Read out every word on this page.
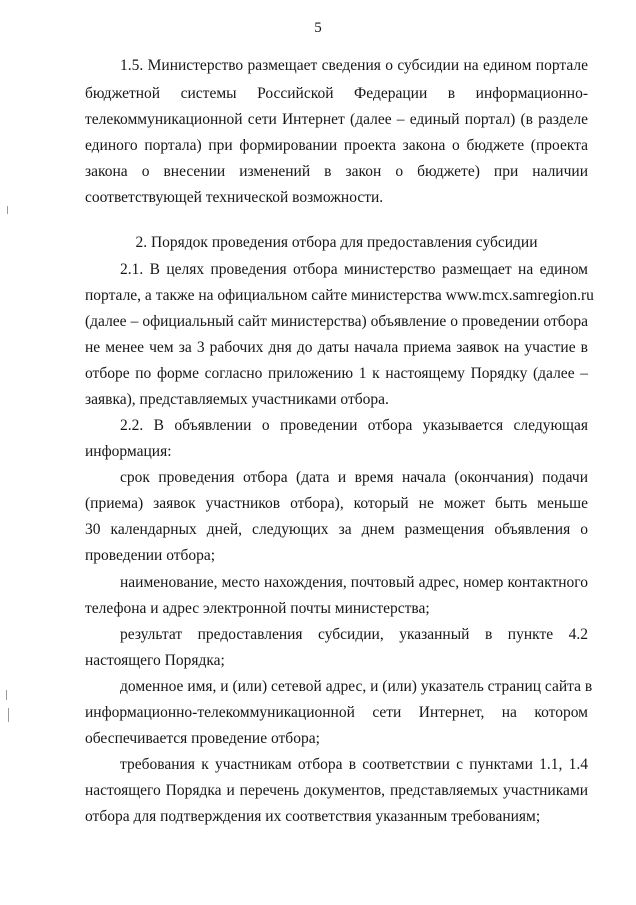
5
1.5. Министерство размещает сведения о субсидии на едином портале
бюджетной системы Российской Федерации в информационно-
телекоммуникационной сети Интернет (далее – единый портал) (в разделе
единого портала) при формировании проекта закона о бюджете (проекта
закона о внесении изменений в закон о бюджете) при наличии
соответствующей технической возможности.
2. Порядок проведения отбора для предоставления субсидии
2.1. В целях проведения отбора министерство размещает на едином
портале, а также на официальном сайте министерства www.mcx.samregion.ru
(далее – официальный сайт министерства) объявление о проведении отбора
не менее чем за 3 рабочих дня до даты начала приема заявок на участие в
отборе по форме согласно приложению 1 к настоящему Порядку (далее –
заявка), представляемых участниками отбора.
2.2. В объявлении о проведении отбора указывается следующая
информация:
срок проведения отбора (дата и время начала (окончания) подачи
(приема) заявок участников отбора), который не может быть меньше
30 календарных дней, следующих за днем размещения объявления о
проведении отбора;
наименование, место нахождения, почтовый адрес, номер контактного
телефона и адрес электронной почты министерства;
результат предоставления субсидии, указанный в пункте 4.2
настоящего Порядка;
доменное имя, и (или) сетевой адрес, и (или) указатель страниц сайта в
информационно-телекоммуникационной сети Интернет, на котором
обеспечивается проведение отбора;
требования к участникам отбора в соответствии с пунктами 1.1, 1.4
настоящего Порядка и перечень документов, представляемых участниками
отбора для подтверждения их соответствия указанным требованиям;
